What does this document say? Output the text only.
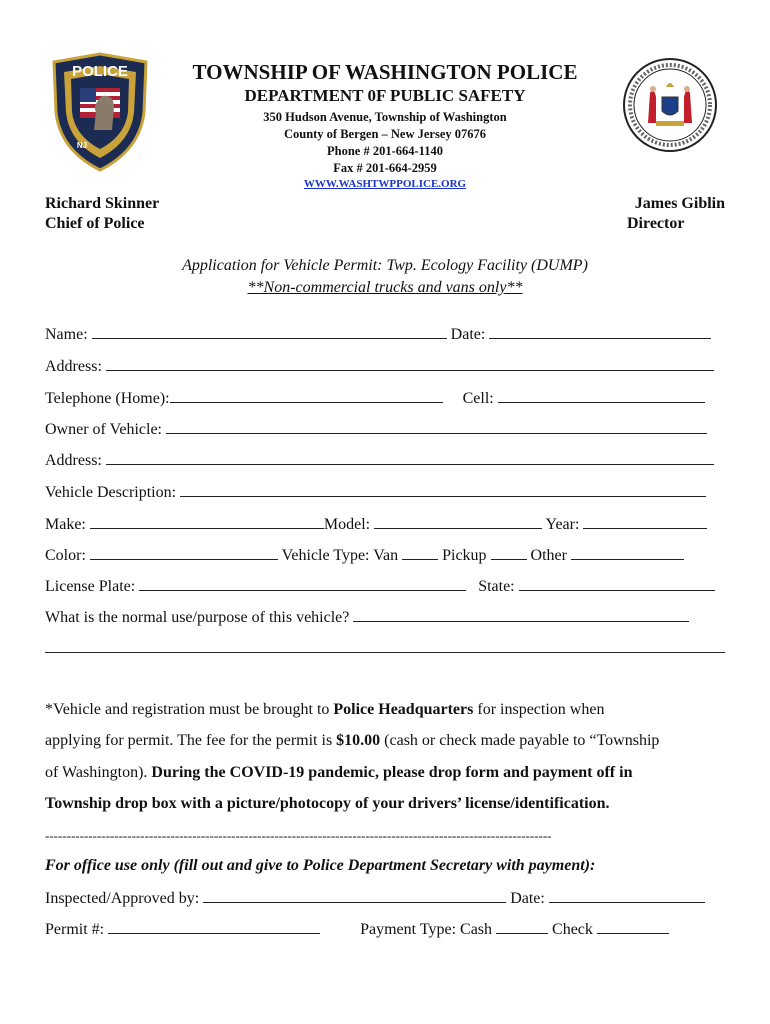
POLICE
NJ
TOWNSHIP OF WASHINGTON POLICE
DEPARTMENT 0F PUBLIC SAFETY
350 Hudson Avenue, Township of Washington
County of Bergen – New Jersey 07676
Phone # 201-664-1140
Fax # 201-664-2959
WWW.WASHTWPPOLICE.ORG
Richard Skinner
Chief of Police
James Giblin
Director
Application for Vehicle Permit: Twp. Ecology Facility (DUMP)
**Non-commercial trucks and vans only**
Name:	Date:
Address:
Telephone (Home):	Cell:
Owner of Vehicle:
Address:
Vehicle Description:
Make:	Model:	Year:
Color:	Vehicle Type: Van	Pickup	Other
License Plate:	State:
What is the normal use/purpose of this vehicle?
*Vehicle and registration must be brought to Police Headquarters for inspection when
applying for permit. The fee for the permit is $10.00 (cash or check made payable to “Township
of Washington). During the COVID-19 pandemic, please drop form and payment off in
Township drop box with a picture/photocopy of your drivers’ license/identification.
---------------------------------------------------------------------------------------------------------------------
For office use only (fill out and give to Police Department Secretary with payment):
Inspected/Approved by:	Date:
Permit #:	Payment Type: Cash	Check
